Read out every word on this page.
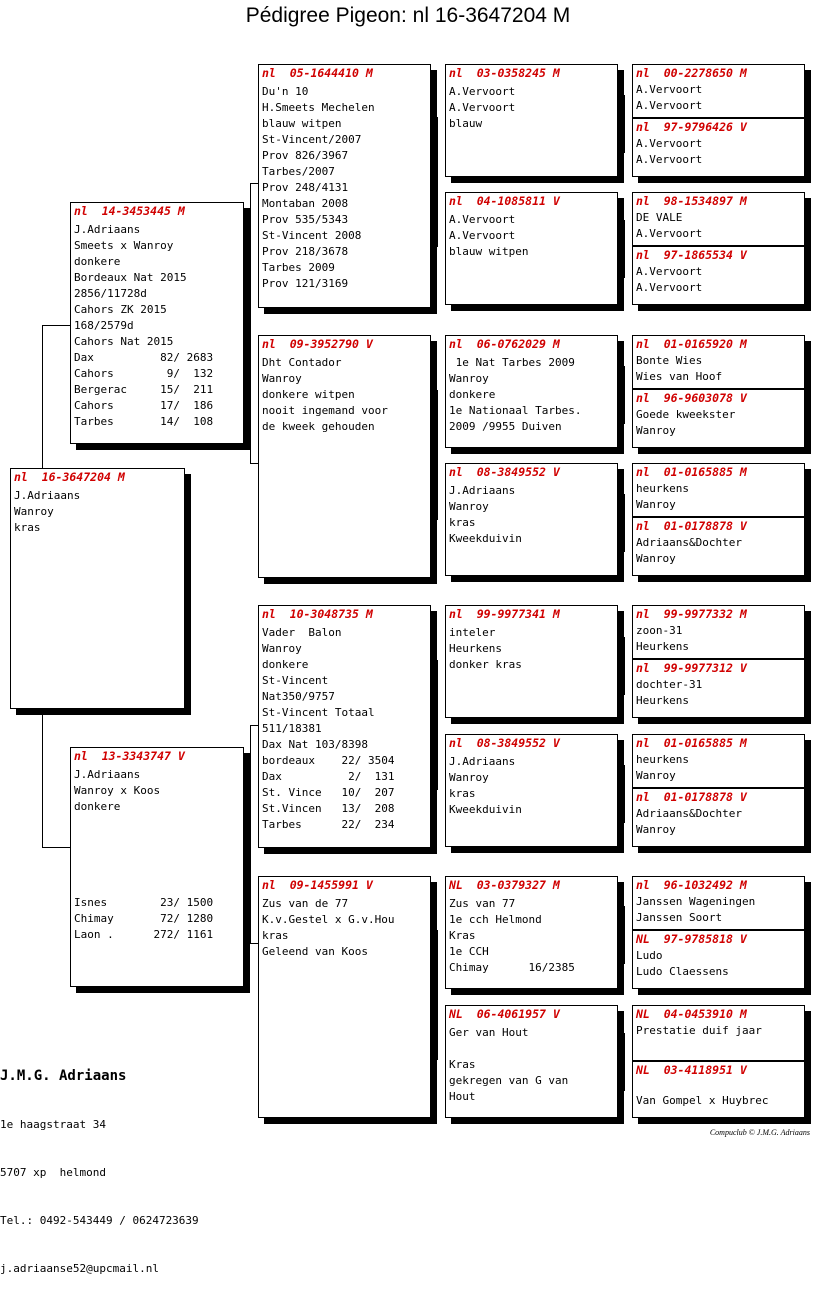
Pédigree Pigeon: nl 16-3647204 M
nl  16-3647204 M
J.Adriaans
Wanroy
kras
nl  14-3453445 M
J.Adriaans
Smeets x Wanroy
donkere
Bordeaux Nat 2015
2856/11728d
Cahors ZK 2015
168/2579d
Cahors Nat 2015
Dax          82/ 2683
Cahors        9/  132
Bergerac     15/  211
Cahors       17/  186
Tarbes       14/  108
nl  13-3343747 V
J.Adriaans
Wanroy x Koos
donkere

Isnes        23/ 1500
Chimay       72/ 1280
Laon .      272/ 1161
nl  05-1644410 M
Du'n 10
H.Smeets Mechelen
blauw witpen
St-Vincent/2007
Prov 826/3967
Tarbes/2007
Prov 248/4131
Montaban 2008
Prov 535/5343
St-Vincent 2008
Prov 218/3678
Tarbes 2009
Prov 121/3169
nl  09-3952790 V
Dht Contador
Wanroy
donkere witpen
nooit ingemand voor
de kweek gehouden
nl  10-3048735 M
Vader  Balon
Wanroy
donkere
St-Vincent
Nat350/9757
St-Vincent Totaal
511/18381
Dax Nat 103/8398
bordeaux    22/ 3504
Dax          2/  131
St. Vince   10/  207
St.Vincen   13/  208
Tarbes      22/  234
nl  09-1455991 V
Zus van de 77
K.v.Gestel x G.v.Hou
kras
Geleend van Koos
nl  03-0358245 M
A.Vervoort
A.Vervoort
blauw
nl  04-1085811 V
A.Vervoort
A.Vervoort
blauw witpen
nl  06-0762029 M
1e Nat Tarbes 2009
Wanroy
donkere
1e Nationaal Tarbes.
2009 /9955 Duiven
nl  08-3849552 V
J.Adriaans
Wanroy
kras
Kweekduivin
nl  99-9977341 M
inteler
Heurkens
donker kras
nl  08-3849552 V
J.Adriaans
Wanroy
kras
Kweekduivin
NL  03-0379327 M
Zus van 77
1e cch Helmond
Kras
1e CCH
Chimay      16/2385
NL  06-4061957 V
Ger van Hout

Kras
gekregen van G van
Hout
nl  00-2278650 M
A.Vervoort
A.Vervoort
nl  97-9796426 V
A.Vervoort
A.Vervoort
nl  98-1534897 M
DE VALE
A.Vervoort
nl  97-1865534 V
A.Vervoort
A.Vervoort
nl  01-0165920 M
Bonte Wies
Wies van Hoof
nl  96-9603078 V
Goede kweekster
Wanroy
nl  01-0165885 M
heurkens
Wanroy
nl  01-0178878 V
Adriaans&Dochter
Wanroy
nl  99-9977332 M
zoon-31
Heurkens
nl  99-9977312 V
dochter-31
Heurkens
nl  01-0165885 M
heurkens
Wanroy
nl  01-0178878 V
Adriaans&Dochter
Wanroy
nl  96-1032492 M
Janssen Wageningen
Janssen Soort
NL  97-9785818 V
Ludo
Ludo Claessens
NL  04-0453910 M
Prestatie duif jaar
NL  03-4118951 V

Van Gompel x Huybrec

J.M.G. Adriaans

1e haagstraat 34

5707 xp  helmond

Tel.: 0492-543449 / 0624723639

j.adriaanse52@upcmail.nl

Compuclub © J.M.G. Adriaans
